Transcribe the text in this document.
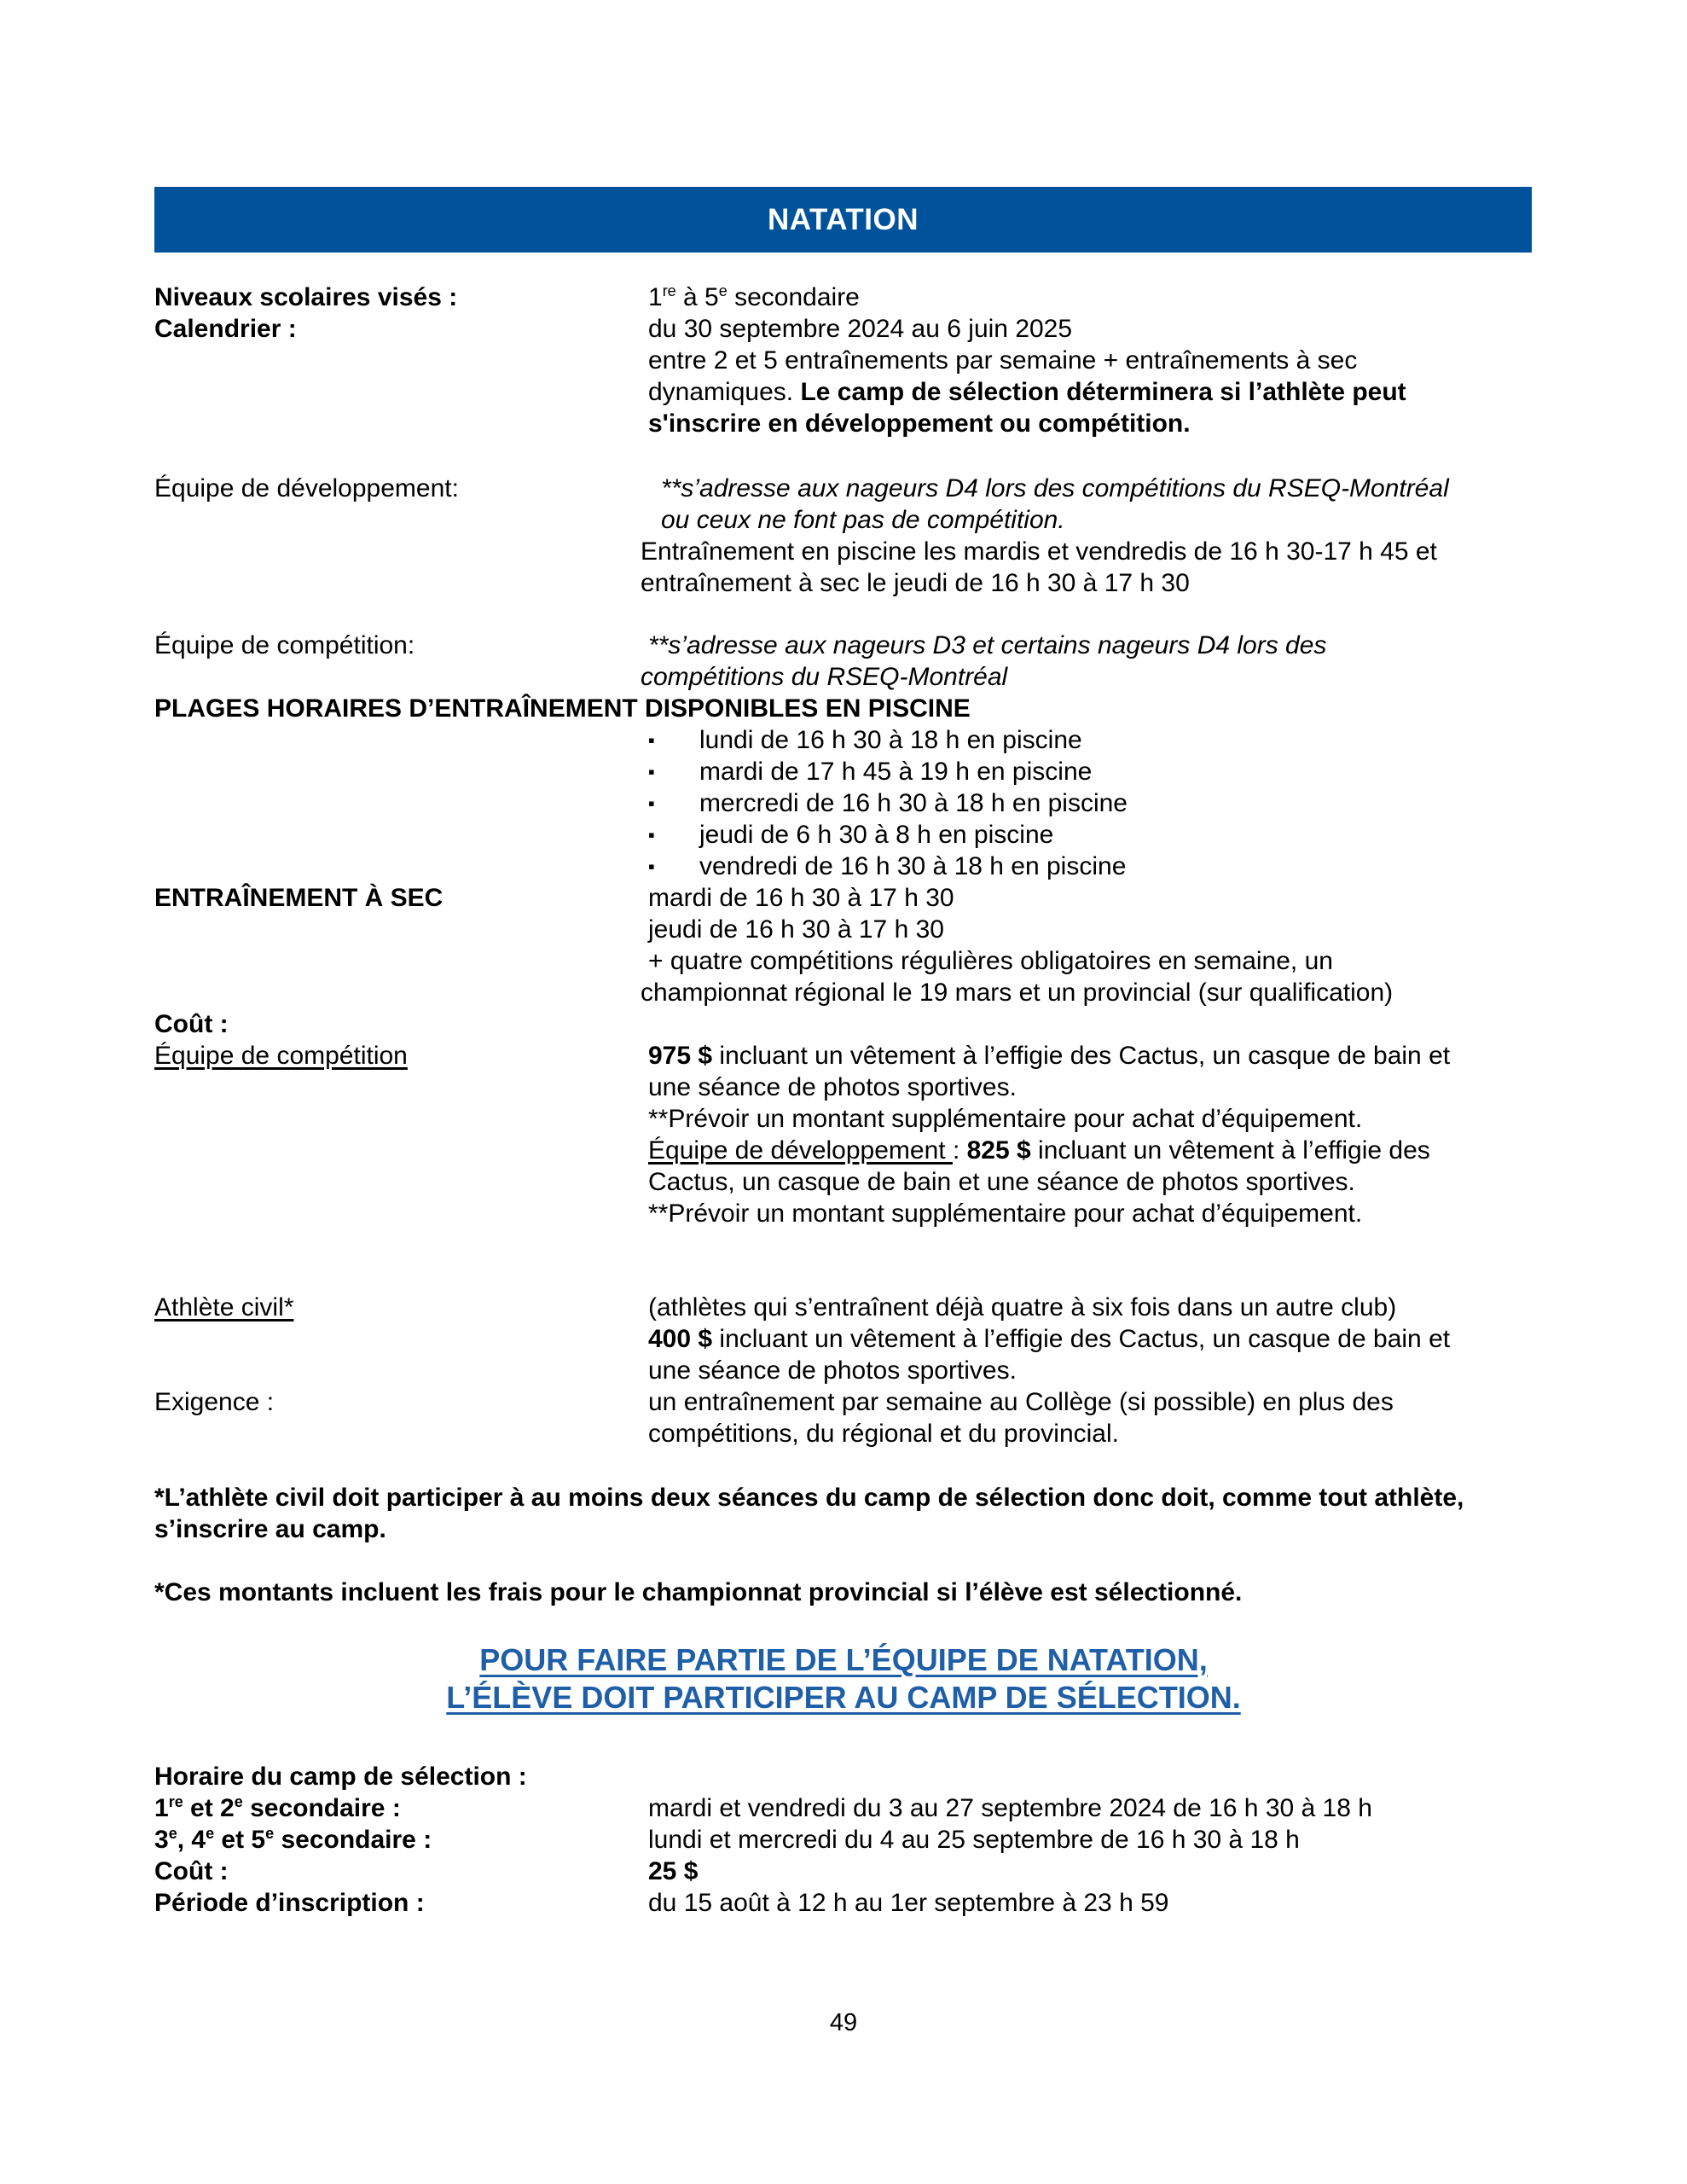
NATATION
Niveaux scolaires visés :	1re à 5e secondaire
Calendrier :	du 30 septembre 2024 au 6 juin 2025
entre 2 et 5 entraînements par semaine + entraînements à sec
dynamiques. Le camp de sélection déterminera si l’athlète peut
s'inscrire en développement ou compétition.
Équipe de développement:	**s’adresse aux nageurs D4 lors des compétitions du RSEQ-Montréal
ou ceux ne font pas de compétition.
Entraînement en piscine les mardis et vendredis de 16 h 30-17 h 45 et
entraînement à sec le jeudi de 16 h 30 à 17 h 30
Équipe de compétition:	**s’adresse aux nageurs D3 et certains nageurs D4 lors des
compétitions du RSEQ-Montréal
PLAGES HORAIRES D’ENTRAÎNEMENT DISPONIBLES EN PISCINE
▪ lundi de 16 h 30 à 18 h en piscine
▪ mardi de 17 h 45 à 19 h en piscine
▪ mercredi de 16 h 30 à 18 h en piscine
▪ jeudi de 6 h 30 à 8 h en piscine
▪ vendredi de 16 h 30 à 18 h en piscine
ENTRAÎNEMENT À SEC	mardi de 16 h 30 à 17 h 30
jeudi de 16 h 30 à 17 h 30
+ quatre compétitions régulières obligatoires en semaine, un
championnat régional le 19 mars et un provincial (sur qualification)
Coût :
Équipe de compétition	975 $ incluant un vêtement à l’effigie des Cactus, un casque de bain et
une séance de photos sportives.
**Prévoir un montant supplémentaire pour achat d’équipement.
Équipe de développement : 825 $ incluant un vêtement à l’effigie des
Cactus, un casque de bain et une séance de photos sportives.
**Prévoir un montant supplémentaire pour achat d’équipement.
Athlète civil*	(athlètes qui s’entraînent déjà quatre à six fois dans un autre club)
400 $ incluant un vêtement à l’effigie des Cactus, un casque de bain et
une séance de photos sportives.
Exigence :	un entraînement par semaine au Collège (si possible) en plus des
compétitions, du régional et du provincial.
*L’athlète civil doit participer à au moins deux séances du camp de sélection donc doit, comme tout athlète,
s’inscrire au camp.
*Ces montants incluent les frais pour le championnat provincial si l’élève est sélectionné.
POUR FAIRE PARTIE DE L’ÉQUIPE DE NATATION,
L’ÉLÈVE DOIT PARTICIPER AU CAMP DE SÉLECTION.
Horaire du camp de sélection :
1re et 2e secondaire :	mardi et vendredi du 3 au 27 septembre 2024 de 16 h 30 à 18 h
3e, 4e et 5e secondaire :	lundi et mercredi du 4 au 25 septembre de 16 h 30 à 18 h
Coût :	25 $
Période d’inscription :	du 15 août à 12 h au 1er septembre à 23 h 59
49
